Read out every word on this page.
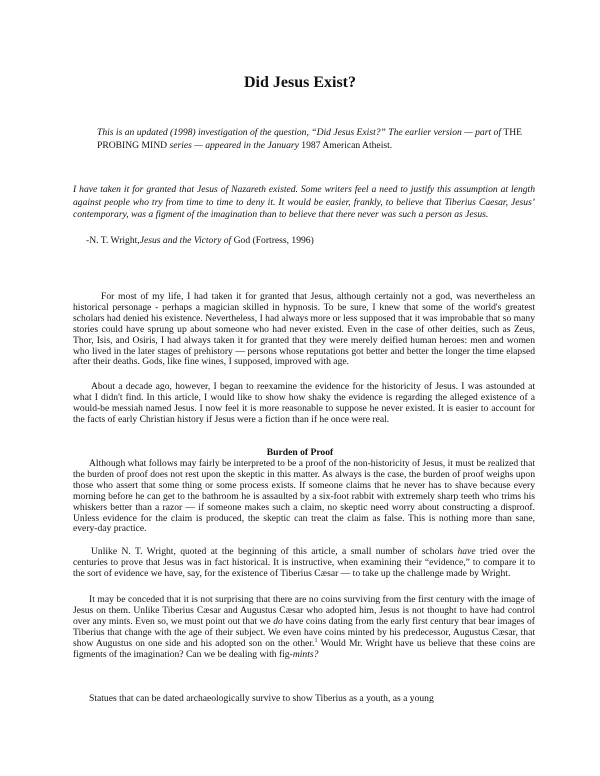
Did Jesus Exist?
This is an updated (1998) investigation of the question, “Did Jesus Exist?” The earlier version — part of THE PROBING MIND series — appeared in the January 1987 American Atheist.
I have taken it for granted that Jesus of Nazareth existed. Some writers feel a need to justify this assumption at length against people who try from time to time to deny it. It would be easier, frankly, to believe that Tiberius Caesar, Jesus’ contemporary, was a figment of the imagination than to believe that there never was such a person as Jesus.
-N. T. Wright,Jesus and the Victory of God (Fortress, 1996)
For most of my life, I had taken it for granted that Jesus, although certainly not a god, was nevertheless an historical personage - perhaps a magician skilled in hypnosis. To be sure, I knew that some of the world's greatest scholars had denied his existence. Nevertheless, I had always more or less supposed that it was improbable that so many stories could have sprung up about someone who had never existed. Even in the case of other deities, such as Zeus, Thor, Isis, and Osiris, I had always taken it for granted that they were merely deified human heroes: men and women who lived in the later stages of prehistory — persons whose reputations got better and better the longer the time elapsed after their deaths. Gods, like fine wines, I supposed, improved with age.
About a decade ago, however, I began to reexamine the evidence for the historicity of Jesus. I was astounded at what I didn't find. In this article, I would like to show how shaky the evidence is regarding the alleged existence of a would-be messiah named Jesus. I now feel it is more reasonable to suppose he never existed. It is easier to account for the facts of early Christian history if Jesus were a fiction than if he once were real.
Burden of Proof
Although what follows may fairly be interpreted to be a proof of the non-historicity of Jesus, it must be realized that the burden of proof does not rest upon the skeptic in this matter. As always is the case, the burden of proof weighs upon those who assert that some thing or some process exists. If someone claims that he never has to shave because every morning before he can get to the bathroom he is assaulted by a six-foot rabbit with extremely sharp teeth who trims his whiskers better than a razor — if someone makes such a claim, no skeptic need worry about constructing a disproof. Unless evidence for the claim is produced, the skeptic can treat the claim as false. This is nothing more than sane, every-day practice.
Unlike N. T. Wright, quoted at the beginning of this article, a small number of scholars have tried over the centuries to prove that Jesus was in fact historical. It is instructive, when examining their “evidence,” to compare it to the sort of evidence we have, say, for the existence of Tiberius Cæsar — to take up the challenge made by Wright.
It may be conceded that it is not surprising that there are no coins surviving from the first century with the image of Jesus on them. Unlike Tiberius Cæsar and Augustus Cæsar who adopted him, Jesus is not thought to have had control over any mints. Even so, we must point out that we do have coins dating from the early first century that bear images of Tiberius that change with the age of their subject. We even have coins minted by his predecessor, Augustus Cæsar, that show Augustus on one side and his adopted son on the other.$^1$ Would Mr. Wright have us believe that these coins are figments of the imagination? Can we be dealing with fig-mints?
Statues that can be dated archaeologically survive to show Tiberius as a youth, as a young
